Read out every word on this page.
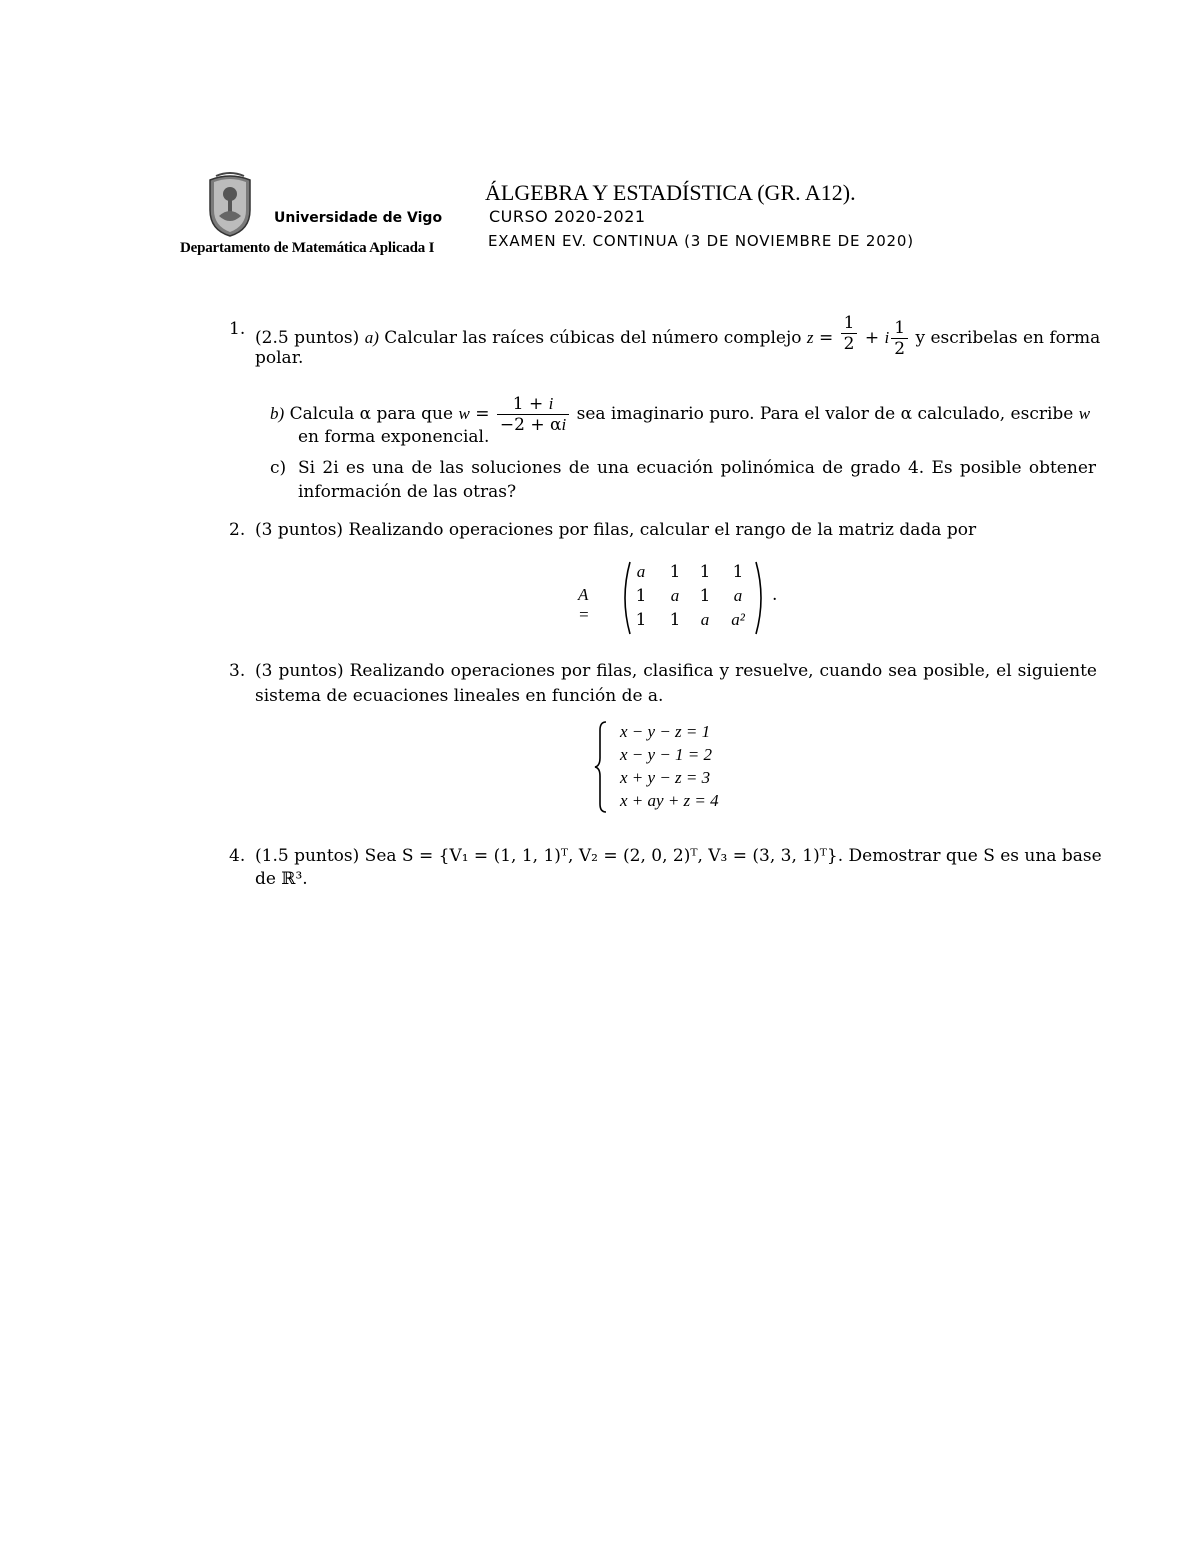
Universidade de Vigo
Departamento de Matemática Aplicada I
ÁLGEBRA Y ESTADÍSTICA (GR. A12).
CURSO 2020-2021
EXAMEN EV. CONTINUA (3 DE NOVIEMBRE DE 2020)
1. (2.5 puntos) a) Calcular las raíces cúbicas del número complejo $z = \frac{1}{2} + i \frac{1}{2}$ y escribelas en forma
polar.
b) Calcula α para que $w = \frac{1 + i}{-2 + \alpha i}$ sea imaginario puro. Para el valor de α calculado, escribe w
en forma exponencial.
c) Si 2i es una de las soluciones de una ecuación polinómica de grado 4. Es posible obtener
información de las otras?
2. (3 puntos) Realizando operaciones por filas, calcular el rango de la matriz dada por
A =
a	1	1	1
1	a	1	a
1	1	a	a²
.
3. (3 puntos) Realizando operaciones por filas, clasifica y resuelve, cuando sea posible, el siguiente
sistema de ecuaciones lineales en función de a.
x − y − z = 1
x − y − 1 = 2
x + y − z = 3
x + ay + z = 4
4. (1.5 puntos) Sea S = {V₁ = (1, 1, 1)ᵀ, V₂ = (2, 0, 2)ᵀ, V₃ = (3, 3, 1)ᵀ}. Demostrar que S es una base
de ℝ³.
